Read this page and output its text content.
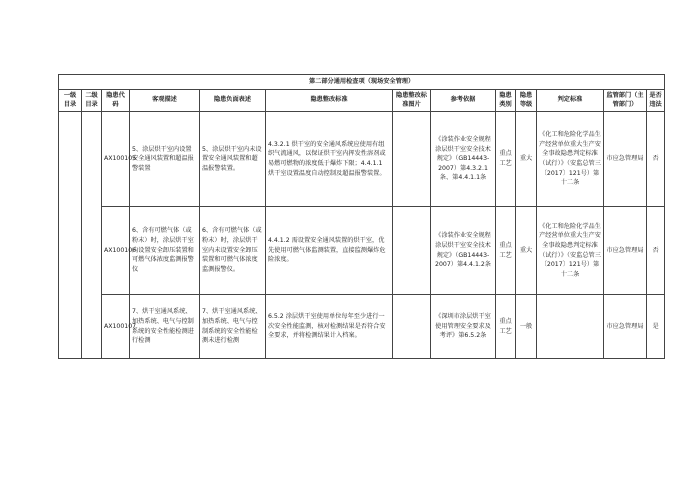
第二部分通用检查项（现场安全管理）												
一级目录	二级目录	隐患代码	客观描述	隐患负面表述	隐患整改标准	隐患整改标准图片	参考依据	隐患类别	隐患等级	判定标准	监管部门（主管部门）	是否违法
		AX100105	5、涂层烘干室内设置安全通风装置和超温报警装置	5、涂层烘干室内未设置安全通风装置和超温报警装置。	4.3.2.1 烘干室的安全通风系统应使用有组织气流通风，以保证烘干室内挥发性溶剂或易燃可燃物的浓度低于爆炸下限；4.4.1.1 烘干室设置温度自动控制及超温报警装置。		《涂装作业安全规程涂层烘干室安全技术规定》（GB14443-2007）第4.3.2.1条、第4.4.1.1条	重点工艺	重大	《化工和危险化学品生产经营单位重大生产安全事故隐患判定标准（试行）》（安监总管三〔2017〕121号）第十二条	市应急管理局	否
		AX100106	6、含有可燃气体（或粉末）时，涂层烘干室内设置安全卸压装置和可燃气体浓度监测报警仪	6、含有可燃气体（或粉末）时，涂层烘干室内未设置安全卸压装置和可燃气体浓度监测报警仪。	4.4.1.2 需设置安全通风装置的烘干室，优先使用可燃气体监测装置，直接监测爆炸危险浓度。		《涂装作业安全规程涂层烘干室安全技术规定》（GB14443-2007）第4.4.1.2条	重点工艺	重大	《化工和危险化学品生产经营单位重大生产安全事故隐患判定标准（试行）》（安监总管三〔2017〕121号）第十二条	市应急管理局	否
		AX100107	7、烘干室通风系统、加热系统、电气与控制系统的安全性能检测进行检测	7、烘干室通风系统、加热系统、电气与控制系统的安全性能检测未进行检测	6.5.2 涂层烘干室使用单位每年至少进行一次安全性能监测，核对检测结果是否符合安全要求，并将检测结果计入档案。		《深圳市涂层烘干室使用管理安全要求及考评》第6.5.2条	重点工艺	一般		市应急管理局	是
